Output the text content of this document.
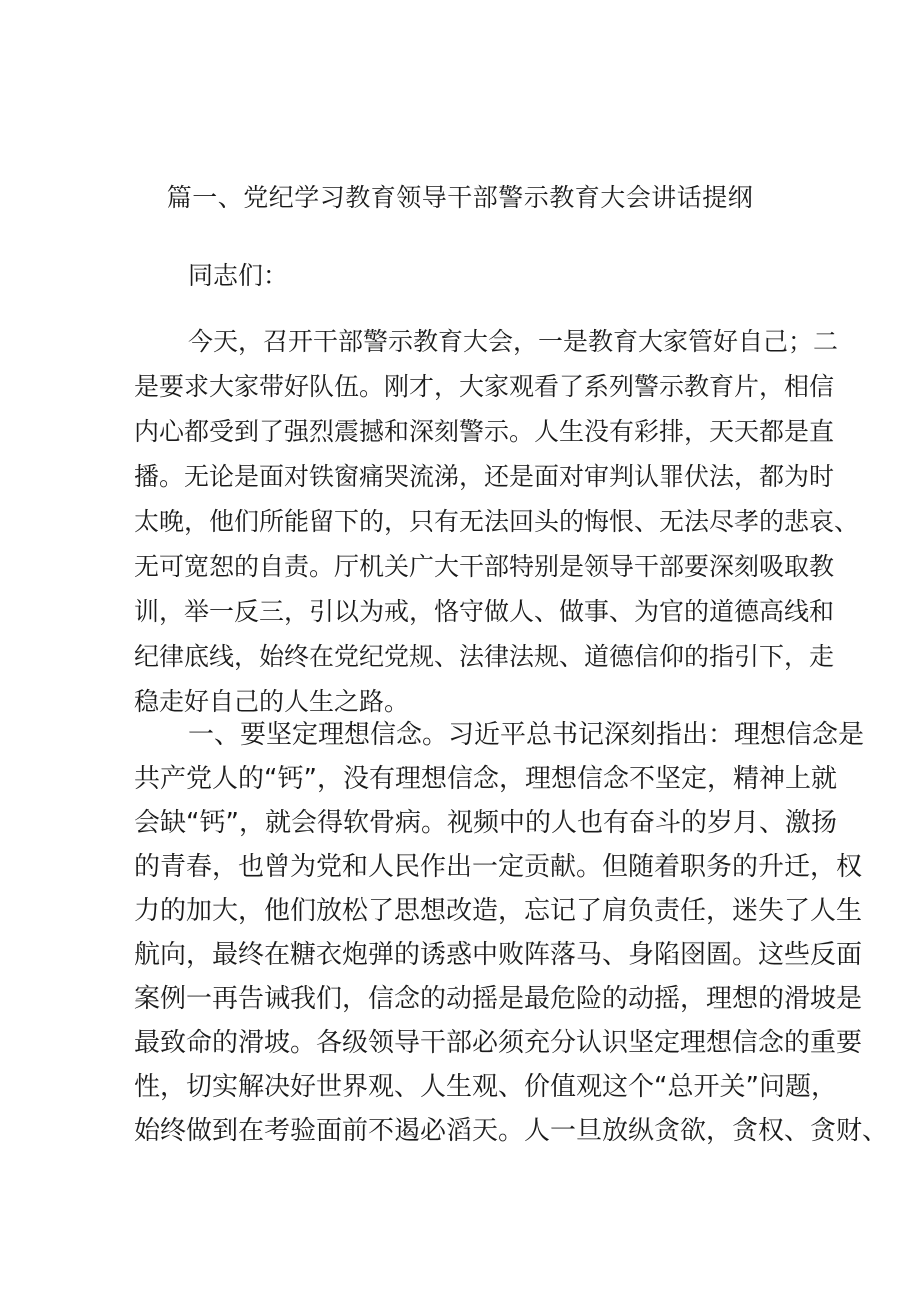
篇一、党纪学习教育领导干部警示教育大会讲话提纲
同志们：
今天，召开干部警示教育大会，一是教育大家管好自己；二
是要求大家带好队伍。刚才，大家观看了系列警示教育片，相信
内心都受到了强烈震撼和深刻警示。人生没有彩排，天天都是直
播。无论是面对铁窗痛哭流涕，还是面对审判认罪伏法，都为时
太晚，他们所能留下的，只有无法回头的悔恨、无法尽孝的悲哀、
无可宽恕的自责。厅机关广大干部特别是领导干部要深刻吸取教
训，举一反三，引以为戒，恪守做人、做事、为官的道德高线和
纪律底线，始终在党纪党规、法律法规、道德信仰的指引下，走
稳走好自己的人生之路。
一、要坚定理想信念。习近平总书记深刻指出：理想信念是
共产党人的“钙”，没有理想信念，理想信念不坚定，精神上就
会缺“钙”，就会得软骨病。视频中的人也有奋斗的岁月、激扬
的青春，也曾为党和人民作出一定贡献。但随着职务的升迁，权
力的加大，他们放松了思想改造，忘记了肩负责任，迷失了人生
航向，最终在糖衣炮弹的诱惑中败阵落马、身陷囹圄。这些反面
案例一再告诫我们，信念的动摇是最危险的动摇，理想的滑坡是
最致命的滑坡。各级领导干部必须充分认识坚定理想信念的重要
性，切实解决好世界观、人生观、价值观这个“总开关”问题，
始终做到在考验面前不遏必滔天。人一旦放纵贪欲，贪权、贪财、
